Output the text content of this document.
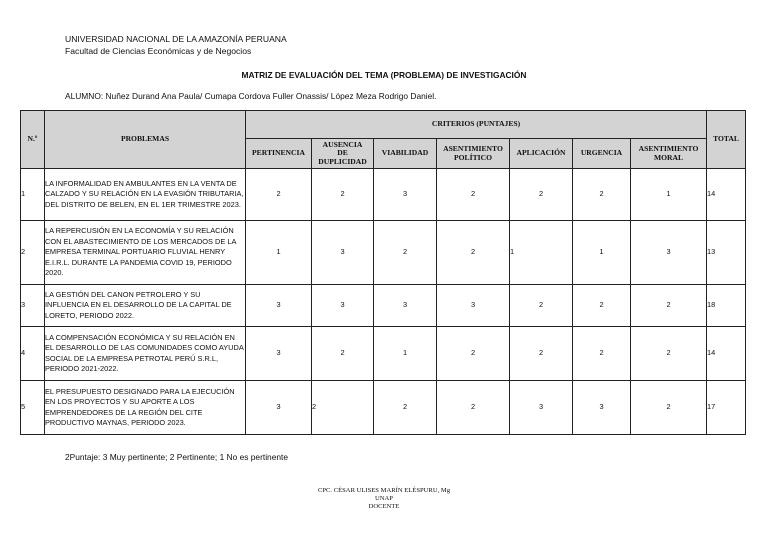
UNIVERSIDAD NACIONAL DE LA AMAZONÍA PERUANA
Facultad de Ciencias Económicas y de Negocios
MATRIZ DE EVALUACIÓN DEL TEMA (PROBLEMA) DE INVESTIGACIÓN
ALUMNO: Nuñez Durand Ana Paula/ Cumapa Cordova Fuller Onassis/ López Meza Rodrigo Daniel.
N.º	PROBLEMAS	CRITERIOS (PUNTAJES)							TOTAL
		PERTINENCIA	AUSENCIA DE DUPLICIDAD	VIABILIDAD	ASENTIMIENTO POLÍTICO	APLICACIÓN	URGENCIA	ASENTIMIENTO MORAL	
1	LA INFORMALIDAD EN AMBULANTES EN LA VENTA DE CALZADO Y SU RELACIÓN EN LA EVASIÓN TRIBUTARIA, DEL DISTRITO DE BELEN, EN EL 1ER TRIMESTRE 2023.	2	2	3	2	2	2	1	14
2	LA REPERCUSIÓN EN LA ECONOMÍA Y SU RELACIÓN CON EL ABASTECIMIENTO DE LOS MERCADOS DE LA EMPRESA TERMINAL PORTUARIO FLUVIAL HENRY E.I.R.L. DURANTE LA PANDEMIA COVID 19, PERIODO 2020.	1	3	2	2	1	1	3	13
3	LA GESTIÓN DEL CANON PETROLERO Y SU INFLUENCIA EN EL DESARROLLO DE LA CAPITAL DE LORETO, PERIODO 2022.	3	3	3	3	2	2	2	18
4	LA COMPENSACIÓN ECONÓMICA Y SU RELACIÓN EN EL DESARROLLO DE LAS COMUNIDADES COMO AYUDA SOCIAL DE LA EMPRESA PETROTAL PERÚ S.R.L, PERIODO 2021-2022.	3	2	1	2	2	2	2	14
5	EL PRESUPUESTO DESIGNADO PARA LA EJECUCIÓN EN LOS PROYECTOS Y SU APORTE A LOS EMPRENDEDORES DE LA REGIÓN DEL CITE PRODUCTIVO MAYNAS, PERIODO 2023.	3	2	2	2	3	3	2	17
2Puntaje: 3 Muy pertinente; 2 Pertinente; 1 No es pertinente
CPC. CÉSAR ULISES MARÍN ELÉSPURU, Mg
UNAP
DOCENTE
